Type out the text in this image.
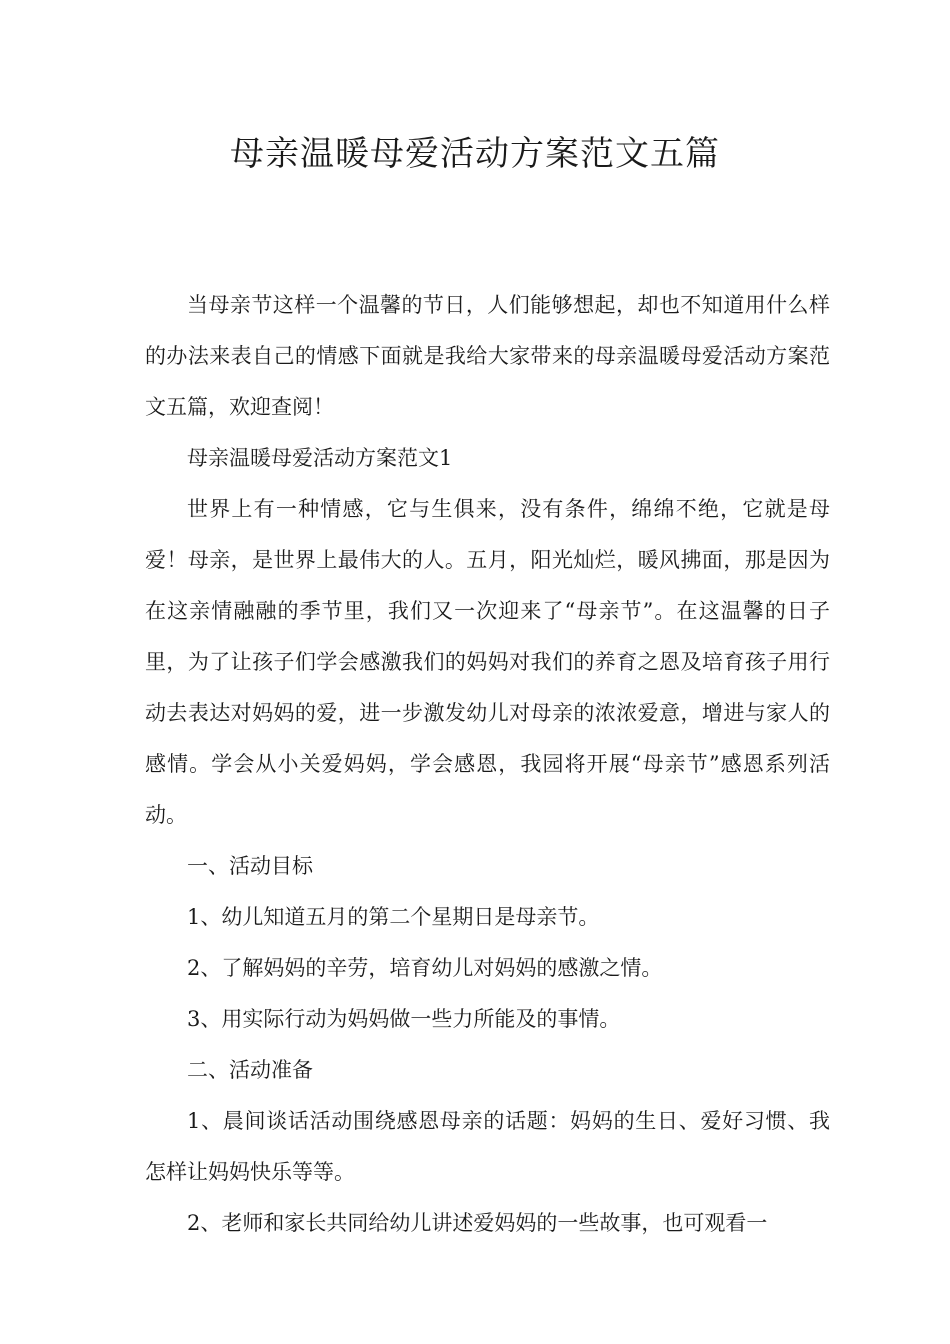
母亲温暖母爱活动方案范文五篇

当母亲节这样一个温馨的节日，人们能够想起，却也不知道用什么样的办法来表自己的情感下面就是我给大家带来的母亲温暖母爱活动方案范文五篇，欢迎查阅！

母亲温暖母爱活动方案范文1

世界上有一种情感，它与生俱来，没有条件，绵绵不绝，它就是母爱！母亲，是世界上最伟大的人。五月，阳光灿烂，暖风拂面，那是因为在这亲情融融的季节里，我们又一次迎来了“母亲节”。在这温馨的日子里，为了让孩子们学会感激我们的妈妈对我们的养育之恩及培育孩子用行动去表达对妈妈的爱，进一步激发幼儿对母亲的浓浓爱意，增进与家人的感情。学会从小关爱妈妈，学会感恩，我园将开展“母亲节”感恩系列活动。

一、活动目标

1、幼儿知道五月的第二个星期日是母亲节。

2、了解妈妈的辛劳，培育幼儿对妈妈的感激之情。

3、用实际行动为妈妈做一些力所能及的事情。

二、活动准备

1、晨间谈话活动围绕感恩母亲的话题：妈妈的生日、爱好习惯、我怎样让妈妈快乐等等。

2、老师和家长共同给幼儿讲述爱妈妈的一些故事，也可观看一
